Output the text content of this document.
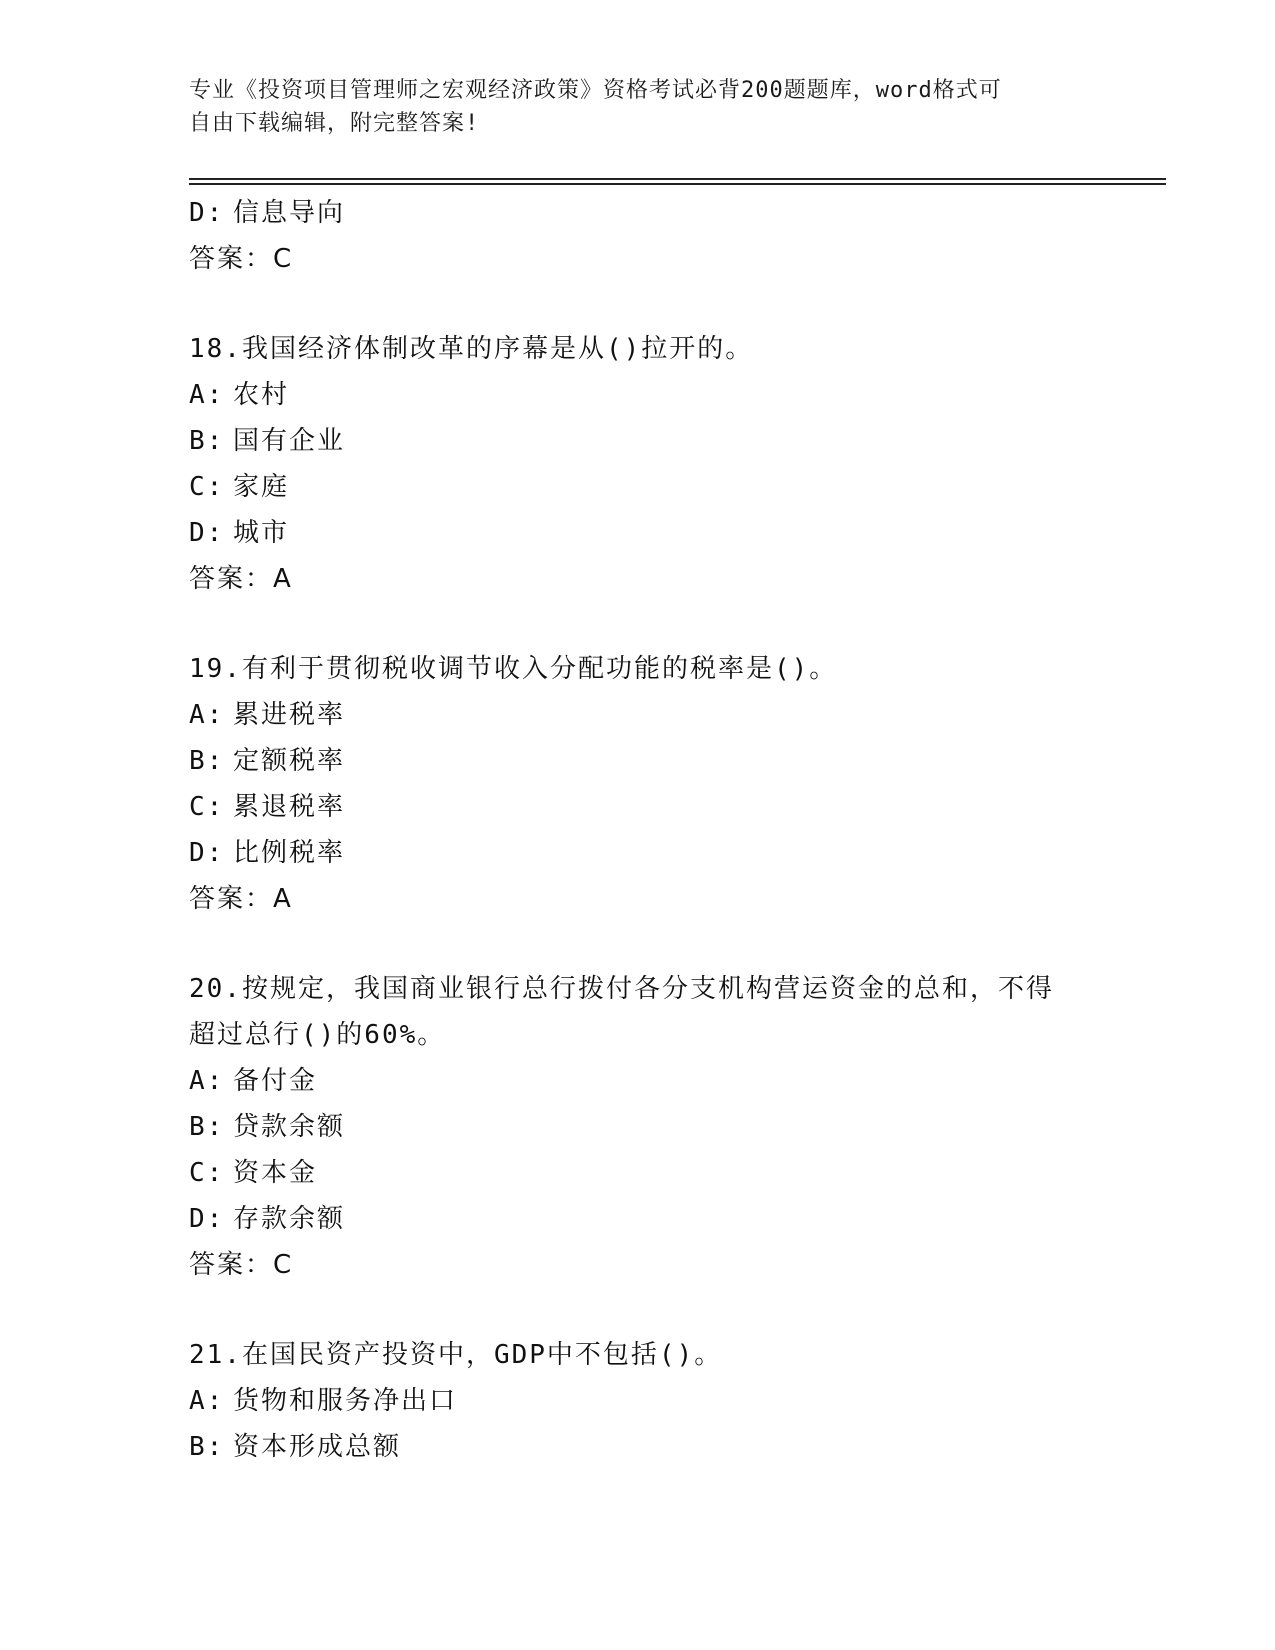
专业《投资项目管理师之宏观经济政策》资格考试必背200题题库，word格式可
自由下载编辑，附完整答案!
D: 信息导向
答案：C
18.我国经济体制改革的序幕是从()拉开的。
A: 农村
B: 国有企业
C: 家庭
D: 城市
答案：A
19.有利于贯彻税收调节收入分配功能的税率是()。
A: 累进税率
B: 定额税率
C: 累退税率
D: 比例税率
答案：A
20.按规定，我国商业银行总行拨付各分支机构营运资金的总和，不得
超过总行()的60%。
A: 备付金
B: 贷款余额
C: 资本金
D: 存款余额
答案：C
21.在国民资产投资中，GDP中不包括()。
A: 货物和服务净出口
B: 资本形成总额
